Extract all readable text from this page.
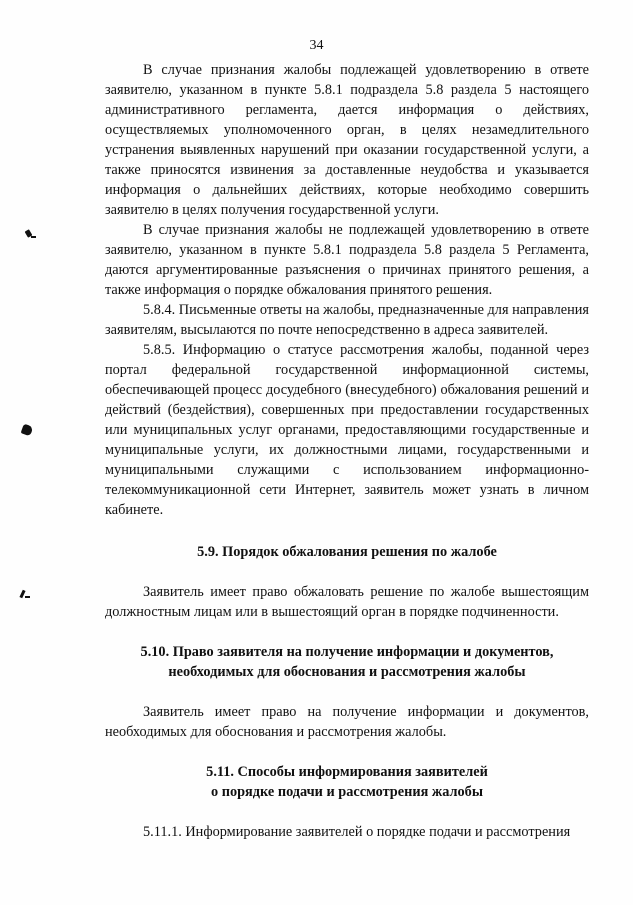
34

В случае признания жалобы подлежащей удовлетворению в ответе заявителю, указанном в пункте 5.8.1 подраздела 5.8 раздела 5 настоящего административного регламента, дается информация о действиях, осуществляемых уполномоченного орган, в целях незамедлительного устранения выявленных нарушений при оказании государственной услуги, а также приносятся извинения за доставленные неудобства и указывается информация о дальнейших действиях, которые необходимо совершить заявителю в целях получения государственной услуги.

В случае признания жалобы не подлежащей удовлетворению в ответе заявителю, указанном в пункте 5.8.1 подраздела 5.8 раздела 5 Регламента, даются аргументированные разъяснения о причинах принятого решения, а также информация о порядке обжалования принятого решения.

5.8.4. Письменные ответы на жалобы, предназначенные для направления заявителям, высылаются по почте непосредственно в адреса заявителей.

5.8.5. Информацию о статусе рассмотрения жалобы, поданной через портал федеральной государственной информационной системы, обеспечивающей процесс досудебного (внесудебного) обжалования решений и действий (бездействия), совершенных при предоставлении государственных или муниципальных услуг органами, предоставляющими государственные и муниципальные услуги, их должностными лицами, государственными и муниципальными служащими с использованием информационно-телекоммуникационной сети Интернет, заявитель может узнать в личном кабинете.

5.9. Порядок обжалования решения по жалобе

Заявитель имеет право обжаловать решение по жалобе вышестоящим должностным лицам или в вышестоящий орган в порядке подчиненности.

5.10. Право заявителя на получение информации и документов,
необходимых для обоснования и рассмотрения жалобы

Заявитель имеет право на получение информации и документов, необходимых для обоснования и рассмотрения жалобы.

5.11. Способы информирования заявителей
о порядке подачи и рассмотрения жалобы

5.11.1. Информирование заявителей о порядке подачи и рассмотрения
